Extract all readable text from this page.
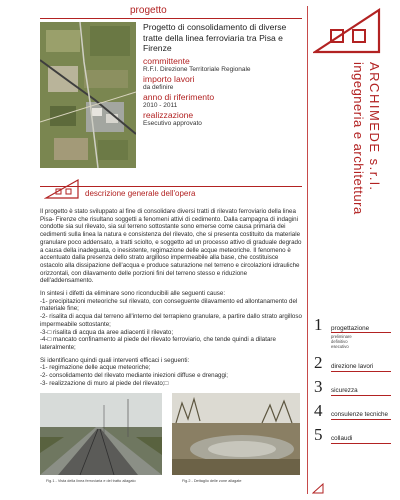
progetto
Progetto di consolidamento di diverse tratte della linea ferroviaria tra Pisa e Firenze
committente
R.F.I. Direzione Territoriale Regionale
importo lavori
da definire
anno di riferimento
2010 - 2011
realizzazione
Esecutivo approvato	ARCHIMEDE s.r.l.
ingegneria e architettura
descrizione generale dell'opera

Il progetto è stato sviluppato al fine di consolidare diversi tratti di rilevato ferroviario della linea Pisa- Firenze che risultano soggetti a fenomeni attivi di cedimento. Dalla campagna di indagini condotte sia sul rilevato, sia sul terreno sottostante sono emerse come causa primaria dei cedimenti sulla linea la natura e consistenza del rilevato, che si presenta costituito da materiale granulare poco addensato, a tratti sciolto, e soggetto ad un processo attivo di graduale degrado a causa della inadeguata, o inesistente, regimazione delle acque meteoriche. Il fenomeno è accentuato dalla presenza dello strato argilloso impermeabile alla base, che costituisce ostacolo alla dissipazione dell'acqua e produce saturazione nel terreno e circolazioni idrauliche orizzontali, con dilavamento delle porzioni fini del terreno stesso e riduzione dell'addensamento.

In sintesi i difetti da eliminare sono riconducibili alle seguenti cause:
-1- precipitazioni meteoriche sul rilevato, con conseguente dilavamento ed allontanamento del materiale fine;
-2- risalita di acqua dal terreno all'interno del terrapieno granulare, a partire dallo strato argilloso impermeabile sottostante;
-3-□ risalita di acqua da aree adiacenti il rilevato;
-4-□ mancato confinamento al piede del rilevato ferroviario, che tende quindi a dilatare lateralmente;
Si identificano quindi quali interventi efficaci i seguenti:
-1- regimazione delle acque meteoriche;
-2- consolidamento del rilevato mediante iniezioni diffuse e drenaggi;
-3- realizzazione di muro al piede del rilevato;□
Fig.1 - Vista della linea ferroviaria e del tratto allagato	Fig.2 - Dettaglio delle zone allagate
1 progettazione
preliminare
definitivo
esecutivo
2 direzione lavori
3 sicurezza
4 consulenze tecniche
5 collaudi
